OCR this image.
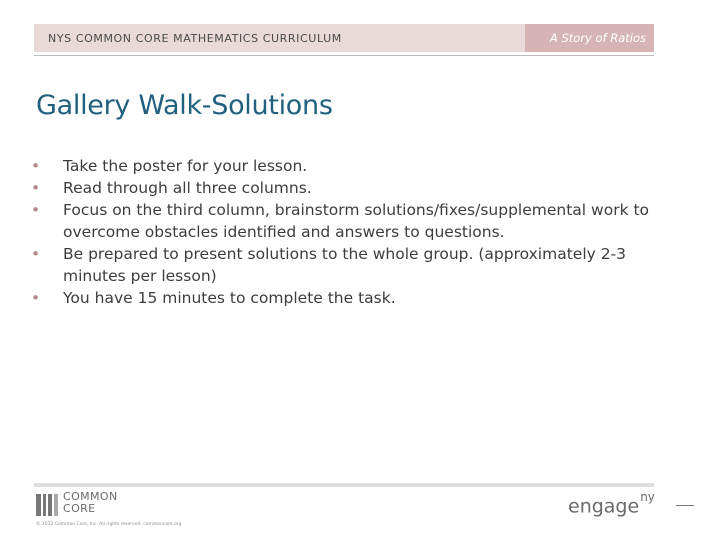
NYS COMMON CORE MATHEMATICS CURRICULUM	A Story of Ratios
Gallery Walk-Solutions
• Take the poster for your lesson.
• Read through all three columns.
• Focus on the third column, brainstorm solutions/fixes/supplemental work to overcome obstacles identified and answers to questions.
• Be prepared to present solutions to the whole group. (approximately 2-3 minutes per lesson)
• You have 15 minutes to complete the task.
COMMON
CORE
© 2012 Common Core, Inc. All rights reserved. commoncore.org
engage$^{ny}$
